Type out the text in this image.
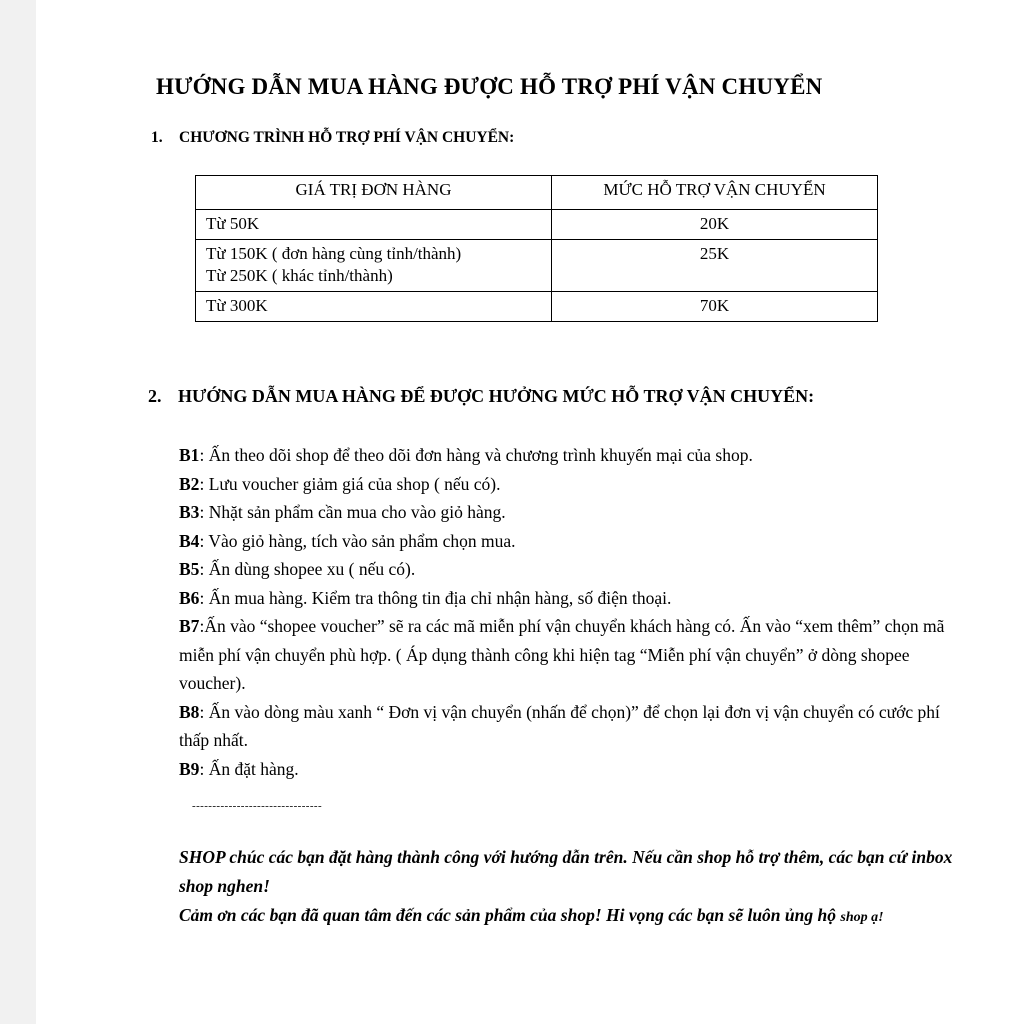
HƯỚNG DẪN MUA HÀNG ĐƯỢC HỖ TRỢ PHÍ VẬN CHUYỂN
1. CHƯƠNG TRÌNH HỖ TRỢ PHÍ VẬN CHUYỂN:
GIÁ TRỊ ĐƠN HÀNG	MỨC HỖ TRỢ VẬN CHUYỂN

Từ 50K	20K

Từ 150K ( đơn hàng cùng tỉnh/thành)
Từ 250K ( khác tỉnh/thành)	25K

Từ 300K	70K
2. HƯỚNG DẪN MUA HÀNG ĐỂ ĐƯỢC HƯỞNG MỨC HỖ TRỢ VẬN CHUYỂN:

B1: Ấn theo dõi shop để theo dõi đơn hàng và chương trình khuyến mại của shop.

B2: Lưu voucher giảm giá của shop ( nếu có).

B3: Nhặt sản phẩm cần mua cho vào giỏ hàng.

B4: Vào giỏ hàng, tích vào sản phẩm chọn mua.

B5: Ấn dùng shopee xu ( nếu có).

B6: Ấn mua hàng. Kiểm tra thông tin địa chỉ nhận hàng, số điện thoại.

B7:Ấn vào “shopee voucher” sẽ ra các mã miễn phí vận chuyển khách hàng có. Ấn vào “xem thêm” chọn mã miễn phí vận chuyển phù hợp. ( Áp dụng thành công khi hiện tag “Miễn phí vận chuyển” ở dòng shopee voucher).

B8: Ấn vào dòng màu xanh “ Đơn vị vận chuyển (nhấn để chọn)” để chọn lại đơn vị vận chuyển có cước phí thấp nhất.

B9: Ấn đặt hàng.

--------------------------------

SHOP chúc các bạn đặt hàng thành công với hướng dẫn trên. Nếu cần shop hỗ trợ thêm, các bạn cứ inbox shop nghen!

Cảm ơn các bạn đã quan tâm đến các sản phẩm của shop! Hi vọng các bạn sẽ luôn ủng hộ shop ạ!
